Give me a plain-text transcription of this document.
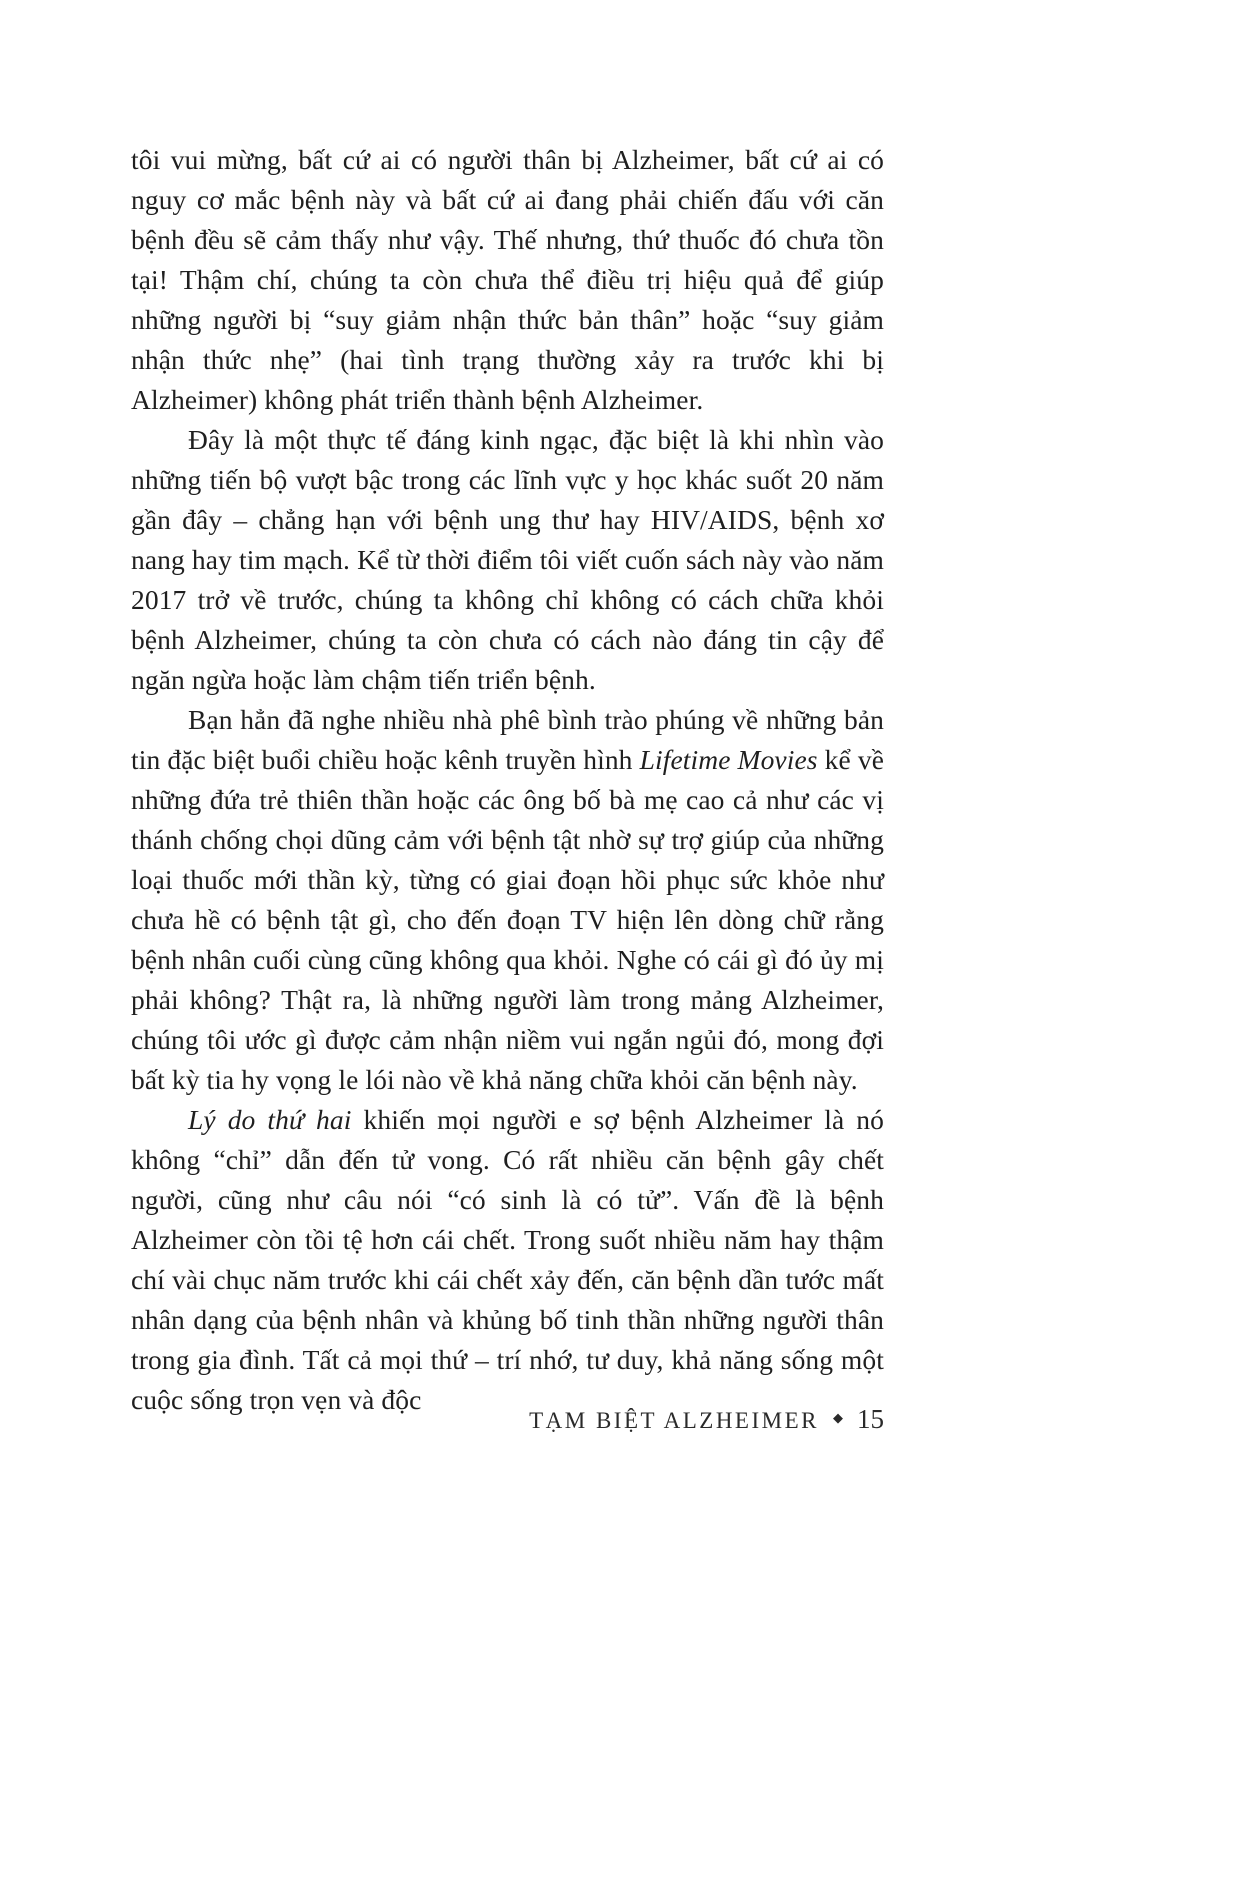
tôi vui mừng, bất cứ ai có người thân bị Alzheimer, bất cứ ai có nguy cơ mắc bệnh này và bất cứ ai đang phải chiến đấu với căn bệnh đều sẽ cảm thấy như vậy. Thế nhưng, thứ thuốc đó chưa tồn tại! Thậm chí, chúng ta còn chưa thể điều trị hiệu quả để giúp những người bị “suy giảm nhận thức bản thân” hoặc “suy giảm nhận thức nhẹ” (hai tình trạng thường xảy ra trước khi bị Alzheimer) không phát triển thành bệnh Alzheimer.

Đây là một thực tế đáng kinh ngạc, đặc biệt là khi nhìn vào những tiến bộ vượt bậc trong các lĩnh vực y học khác suốt 20 năm gần đây – chẳng hạn với bệnh ung thư hay HIV/AIDS, bệnh xơ nang hay tim mạch. Kể từ thời điểm tôi viết cuốn sách này vào năm 2017 trở về trước, chúng ta không chỉ không có cách chữa khỏi bệnh Alzheimer, chúng ta còn chưa có cách nào đáng tin cậy để ngăn ngừa hoặc làm chậm tiến triển bệnh.

Bạn hẳn đã nghe nhiều nhà phê bình trào phúng về những bản tin đặc biệt buổi chiều hoặc kênh truyền hình Lifetime Movies kể về những đứa trẻ thiên thần hoặc các ông bố bà mẹ cao cả như các vị thánh chống chọi dũng cảm với bệnh tật nhờ sự trợ giúp của những loại thuốc mới thần kỳ, từng có giai đoạn hồi phục sức khỏe như chưa hề có bệnh tật gì, cho đến đoạn TV hiện lên dòng chữ rằng bệnh nhân cuối cùng cũng không qua khỏi. Nghe có cái gì đó ủy mị phải không? Thật ra, là những người làm trong mảng Alzheimer, chúng tôi ước gì được cảm nhận niềm vui ngắn ngủi đó, mong đợi bất kỳ tia hy vọng le lói nào về khả năng chữa khỏi căn bệnh này.

Lý do thứ hai khiến mọi người e sợ bệnh Alzheimer là nó không “chỉ” dẫn đến tử vong. Có rất nhiều căn bệnh gây chết người, cũng như câu nói “có sinh là có tử”. Vấn đề là bệnh Alzheimer còn tồi tệ hơn cái chết. Trong suốt nhiều năm hay thậm chí vài chục năm trước khi cái chết xảy đến, căn bệnh dần tước mất nhân dạng của bệnh nhân và khủng bố tinh thần những người thân trong gia đình. Tất cả mọi thứ – trí nhớ, tư duy, khả năng sống một cuộc sống trọn vẹn và độc

TẠM BIỆT ALZHEIMER ◆ 15
